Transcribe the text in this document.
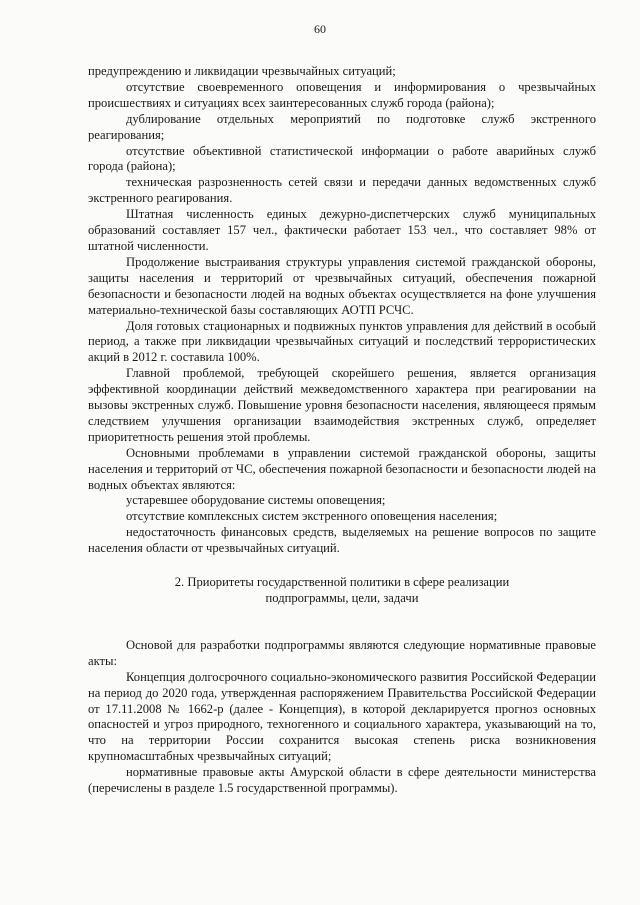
60

предупреждению и ликвидации чрезвычайных ситуаций;

отсутствие своевременного оповещения и информирования о чрезвычайных происшествиях и ситуациях всех заинтересованных служб города (района);

дублирование отдельных мероприятий по подготовке служб экстренного реагирования;

отсутствие объективной статистической информации о работе аварийных служб города (района);

техническая разрозненность сетей связи и передачи данных ведомственных служб экстренного реагирования.

Штатная численность единых дежурно-диспетчерских служб муниципальных образований составляет 157 чел., фактически работает 153 чел., что составляет 98% от штатной численности.

Продолжение выстраивания структуры управления системой гражданской обороны, защиты населения и территорий от чрезвычайных ситуаций, обеспечения пожарной безопасности и безопасности людей на водных объектах осуществляется на фоне улучшения материально-технической базы составляющих АОТП РСЧС.

Доля готовых стационарных и подвижных пунктов управления для действий в особый период, а также при ликвидации чрезвычайных ситуаций и последствий террористических акций в 2012 г. составила 100%.

Главной проблемой, требующей скорейшего решения, является организация эффективной координации действий межведомственного характера при реагировании на вызовы экстренных служб. Повышение уровня безопасности населения, являющееся прямым следствием улучшения организации взаимодействия экстренных служб, определяет приоритетность решения этой проблемы.

Основными проблемами в управлении системой гражданской обороны, защиты населения и территорий от ЧС, обеспечения пожарной безопасности и безопасности людей на водных объектах являются:

устаревшее оборудование системы оповещения;

отсутствие комплексных систем экстренного оповещения населения;

недостаточность финансовых средств, выделяемых на решение вопросов по защите населения области от чрезвычайных ситуаций.

2. Приоритеты государственной политики в сфере реализации
подпрограммы, цели, задачи

Основой для разработки подпрограммы являются следующие нормативные правовые акты:

Концепция долгосрочного социально-экономического развития Российской Федерации на период до 2020 года, утвержденная распоряжением Правительства Российской Федерации от 17.11.2008 № 1662-р (далее - Концепция), в которой декларируется прогноз основных опасностей и угроз природного, техногенного и социального характера, указывающий на то, что на территории России сохранится высокая степень риска возникновения крупномасштабных чрезвычайных ситуаций;

нормативные правовые акты Амурской области в сфере деятельности министерства (перечислены в разделе 1.5 государственной программы).
